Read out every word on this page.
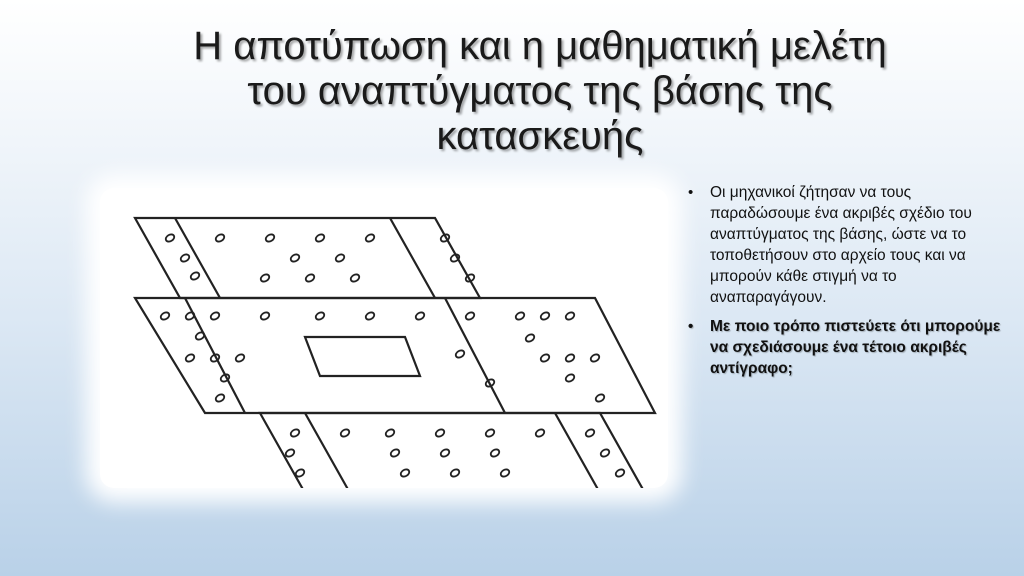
Η αποτύπωση και η μαθηματική μελέτη
του αναπτύγματος της βάσης της
κατασκευής
• Οι μηχανικοί ζήτησαν να τους παραδώσουμε ένα ακριβές σχέδιο του αναπτύγματος της βάσης, ώστε να το τοποθετήσουν στο αρχείο τους και να μπορούν κάθε στιγμή να το αναπαραγάγουν.
• Με ποιο τρόπο πιστεύετε ότι μπορούμε να σχεδιάσουμε ένα τέτοιο ακριβές αντίγραφο;
